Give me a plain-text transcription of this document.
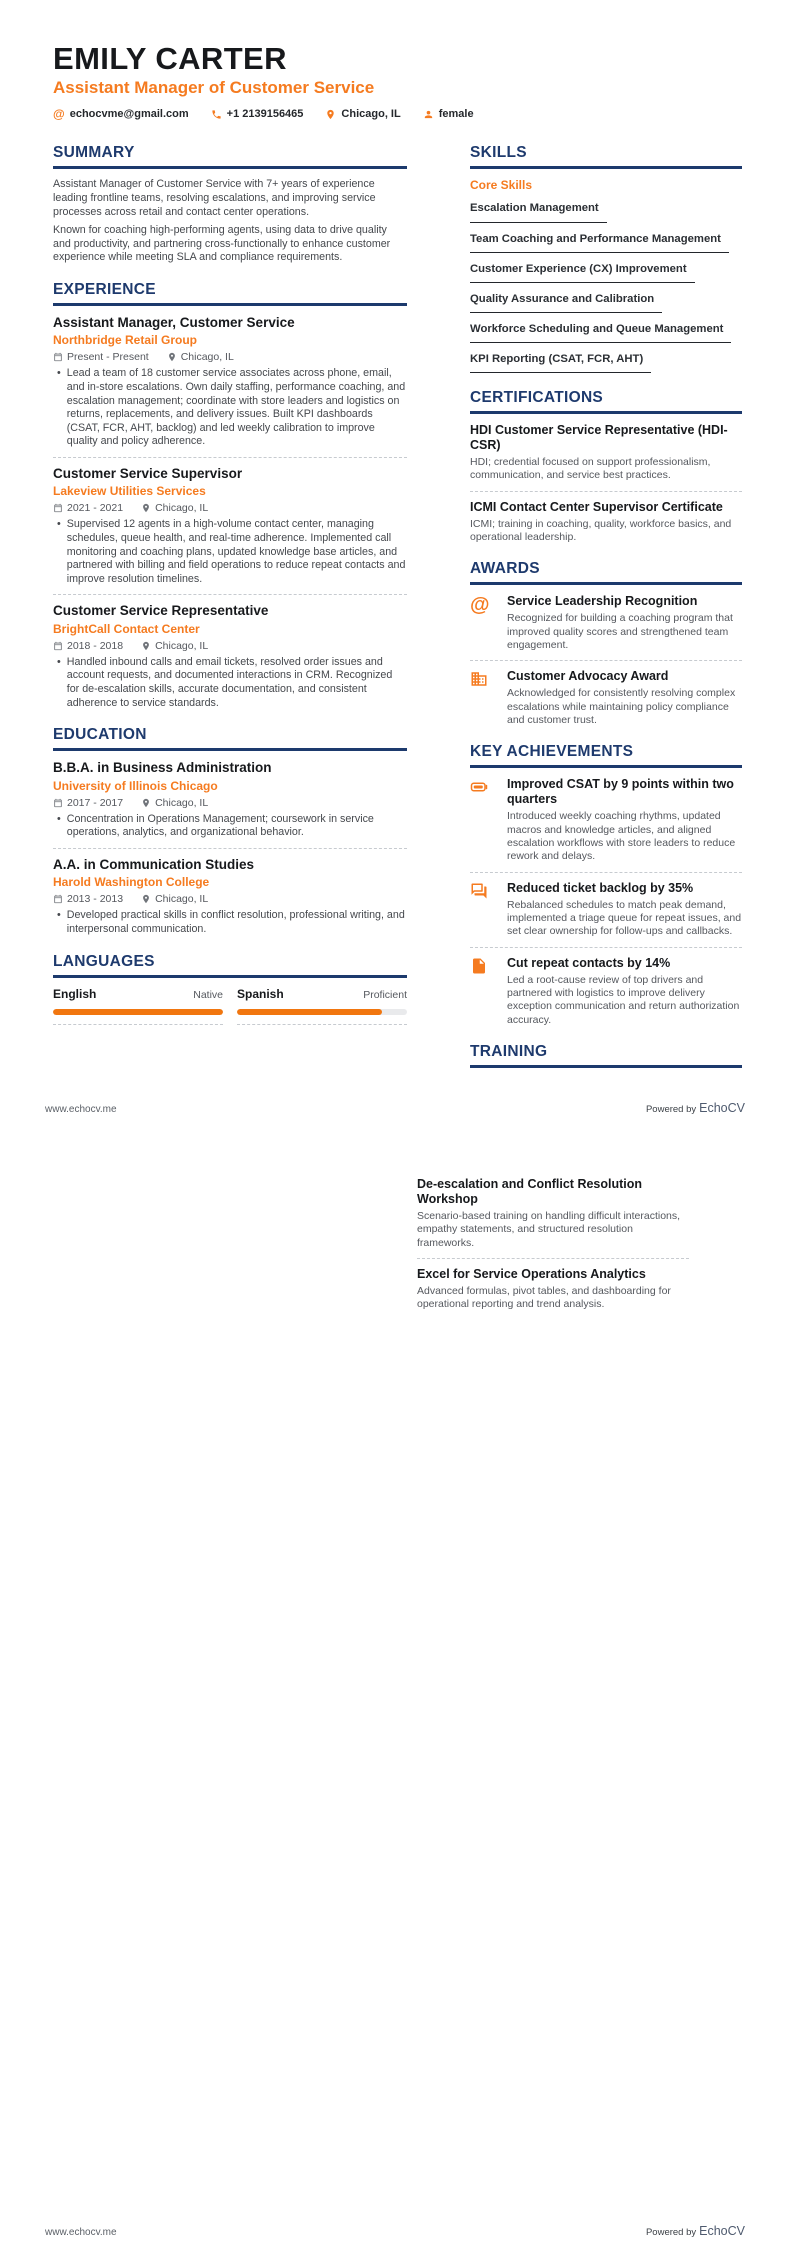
EMILY CARTER
Assistant Manager of Customer Service
@ echocvme@gmail.com	+1 2139156465	Chicago, IL	female
SUMMARY

Assistant Manager of Customer Service with 7+ years of experience leading frontline teams, resolving escalations, and improving service processes across retail and contact center operations.

Known for coaching high-performing agents, using data to drive quality and productivity, and partnering cross-functionally to enhance customer experience while meeting SLA and compliance requirements.

EXPERIENCE
Assistant Manager, Customer Service
Northbridge Retail Group
Present - Present	Chicago, IL
• Lead a team of 18 customer service associates across phone, email, and in-store escalations. Own daily staffing, performance coaching, and escalation management; coordinate with store leaders and logistics on returns, replacements, and delivery issues. Built KPI dashboards (CSAT, FCR, AHT, backlog) and led weekly calibration to improve quality and policy adherence.
Customer Service Supervisor
Lakeview Utilities Services
2021 - 2021	Chicago, IL
• Supervised 12 agents in a high-volume contact center, managing schedules, queue health, and real-time adherence. Implemented call monitoring and coaching plans, updated knowledge base articles, and partnered with billing and field operations to reduce repeat contacts and improve resolution timelines.
Customer Service Representative
BrightCall Contact Center
2018 - 2018	Chicago, IL
• Handled inbound calls and email tickets, resolved order issues and account requests, and documented interactions in CRM. Recognized for de-escalation skills, accurate documentation, and consistent adherence to service standards.
EDUCATION
B.B.A. in Business Administration
University of Illinois Chicago
2017 - 2017	Chicago, IL
• Concentration in Operations Management; coursework in service operations, analytics, and organizational behavior.
A.A. in Communication Studies
Harold Washington College
2013 - 2013	Chicago, IL
• Developed practical skills in conflict resolution, professional writing, and interpersonal communication.
LANGUAGES
English	Native Spanish	Proficient
SKILLS
Core Skills
Escalation Management
Team Coaching and Performance Management
Customer Experience (CX) Improvement
Quality Assurance and Calibration
Workforce Scheduling and Queue Management
KPI Reporting (CSAT, FCR, AHT)
CERTIFICATIONS
HDI Customer Service Representative (HDI-CSR)
HDI; credential focused on support professionalism, communication, and service best practices.
ICMI Contact Center Supervisor Certificate
ICMI; training in coaching, quality, workforce basics, and operational leadership.
AWARDS
@ Service Leadership Recognition
Recognized for building a coaching program that improved quality scores and strengthened team engagement.
Customer Advocacy Award
Acknowledged for consistently resolving complex escalations while maintaining policy compliance and customer trust.
KEY ACHIEVEMENTS
Improved CSAT by 9 points within two quarters
Introduced weekly coaching rhythms, updated macros and knowledge articles, and aligned escalation workflows with store leaders to reduce rework and delays.
Reduced ticket backlog by 35%
Rebalanced schedules to match peak demand, implemented a triage queue for repeat issues, and set clear ownership for follow-ups and callbacks.
Cut repeat contacts by 14%
Led a root-cause review of top drivers and partnered with logistics to improve delivery exception communication and return authorization accuracy.
TRAINING
www.echocv.me	Powered by EchoCV
De-escalation and Conflict Resolution Workshop
Scenario-based training on handling difficult interactions, empathy statements, and structured resolution frameworks.
Excel for Service Operations Analytics
Advanced formulas, pivot tables, and dashboarding for operational reporting and trend analysis.
www.echocv.me	Powered by EchoCV
